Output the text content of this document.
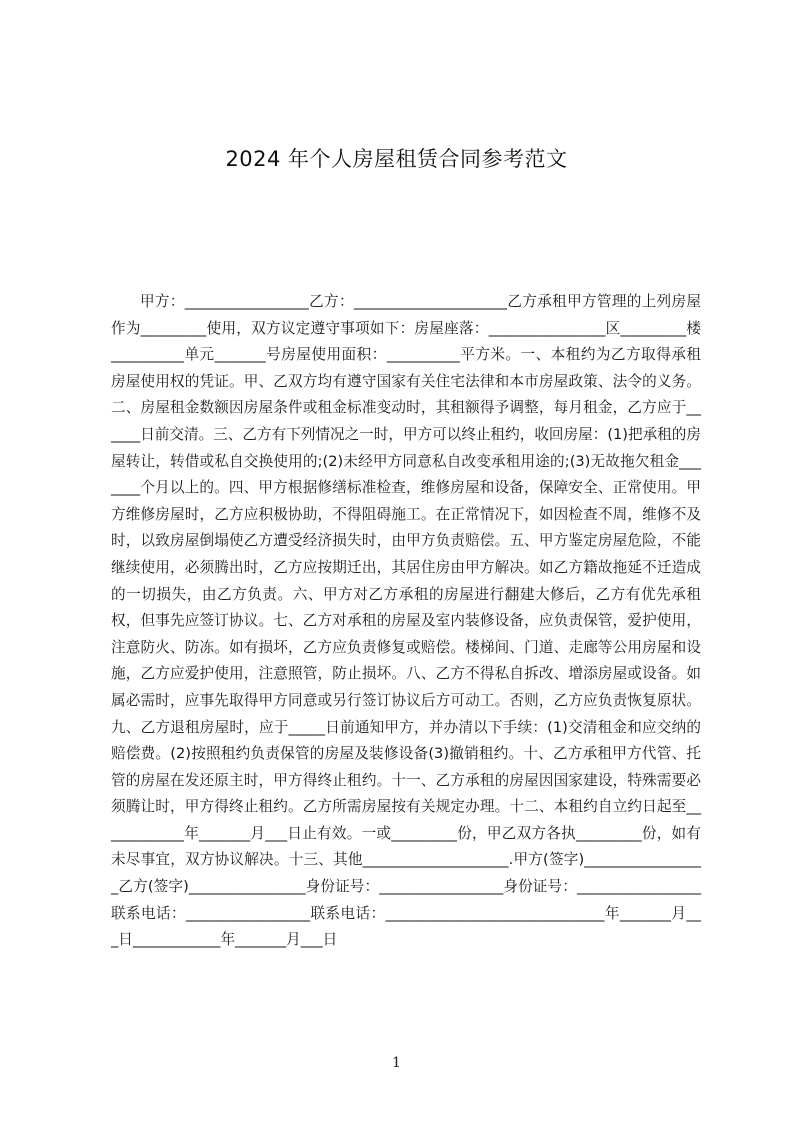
2024 年个人房屋租赁合同参考范文
甲方：_________________乙方：_____________________乙方承租甲方管理的上列房屋作为_________使用，双方议定遵守事项如下：房屋座落：________________区_________楼__________单元_______号房屋使用面积：__________平方米。一、本租约为乙方取得承租房屋使用权的凭证。甲、乙双方均有遵守国家有关住宅法律和本市房屋政策、法令的义务。二、房屋租金数额因房屋条件或租金标准变动时，其租额得予调整，每月租金，乙方应于______日前交清。三、乙方有下列情况之一时，甲方可以终止租约，收回房屋：(1)把承租的房屋转让，转借或私自交换使用的;(2)未经甲方同意私自改变承租用途的;(3)无故拖欠租金_______个月以上的。四、甲方根据修缮标准检查，维修房屋和设备，保障安全、正常使用。甲方维修房屋时，乙方应积极协助，不得阻碍施工。在正常情况下，如因检查不周，维修不及时，以致房屋倒塌使乙方遭受经济损失时，由甲方负责赔偿。五、甲方鉴定房屋危险，不能继续使用，必须腾出时，乙方应按期迁出，其居住房由甲方解决。如乙方籍故拖延不迁造成的一切损失，由乙方负责。六、甲方对乙方承租的房屋进行翻建大修后，乙方有优先承租权，但事先应签订协议。七、乙方对承租的房屋及室内装修设备，应负责保管，爱护使用，注意防火、防冻。如有损坏，乙方应负责修复或赔偿。楼梯间、门道、走廊等公用房屋和设施，乙方应爱护使用，注意照管，防止损坏。八、乙方不得私自拆改、增添房屋或设备。如属必需时，应事先取得甲方同意或另行签订协议后方可动工。否则，乙方应负责恢复原状。九、乙方退租房屋时，应于_____日前通知甲方，并办清以下手续：(1)交清租金和应交纳的赔偿费。(2)按照租约负责保管的房屋及装修设备(3)撤销租约。十、乙方承租甲方代管、托管的房屋在发还原主时，甲方得终止租约。十一、乙方承租的房屋因国家建设，特殊需要必须腾让时，甲方得终止租约。乙方所需房屋按有关规定办理。十二、本租约自立约日起至____________年_______月___日止有效。一或_________份，甲乙双方各执_________份，如有未尽事宜，双方协议解决。十三、其他____________________.甲方(签字)_________________乙方(签字)________________身份证号：_________________身份证号：_________________联系电话：_________________联系电话：______________________________年_______月___日____________年_______月___日
1
